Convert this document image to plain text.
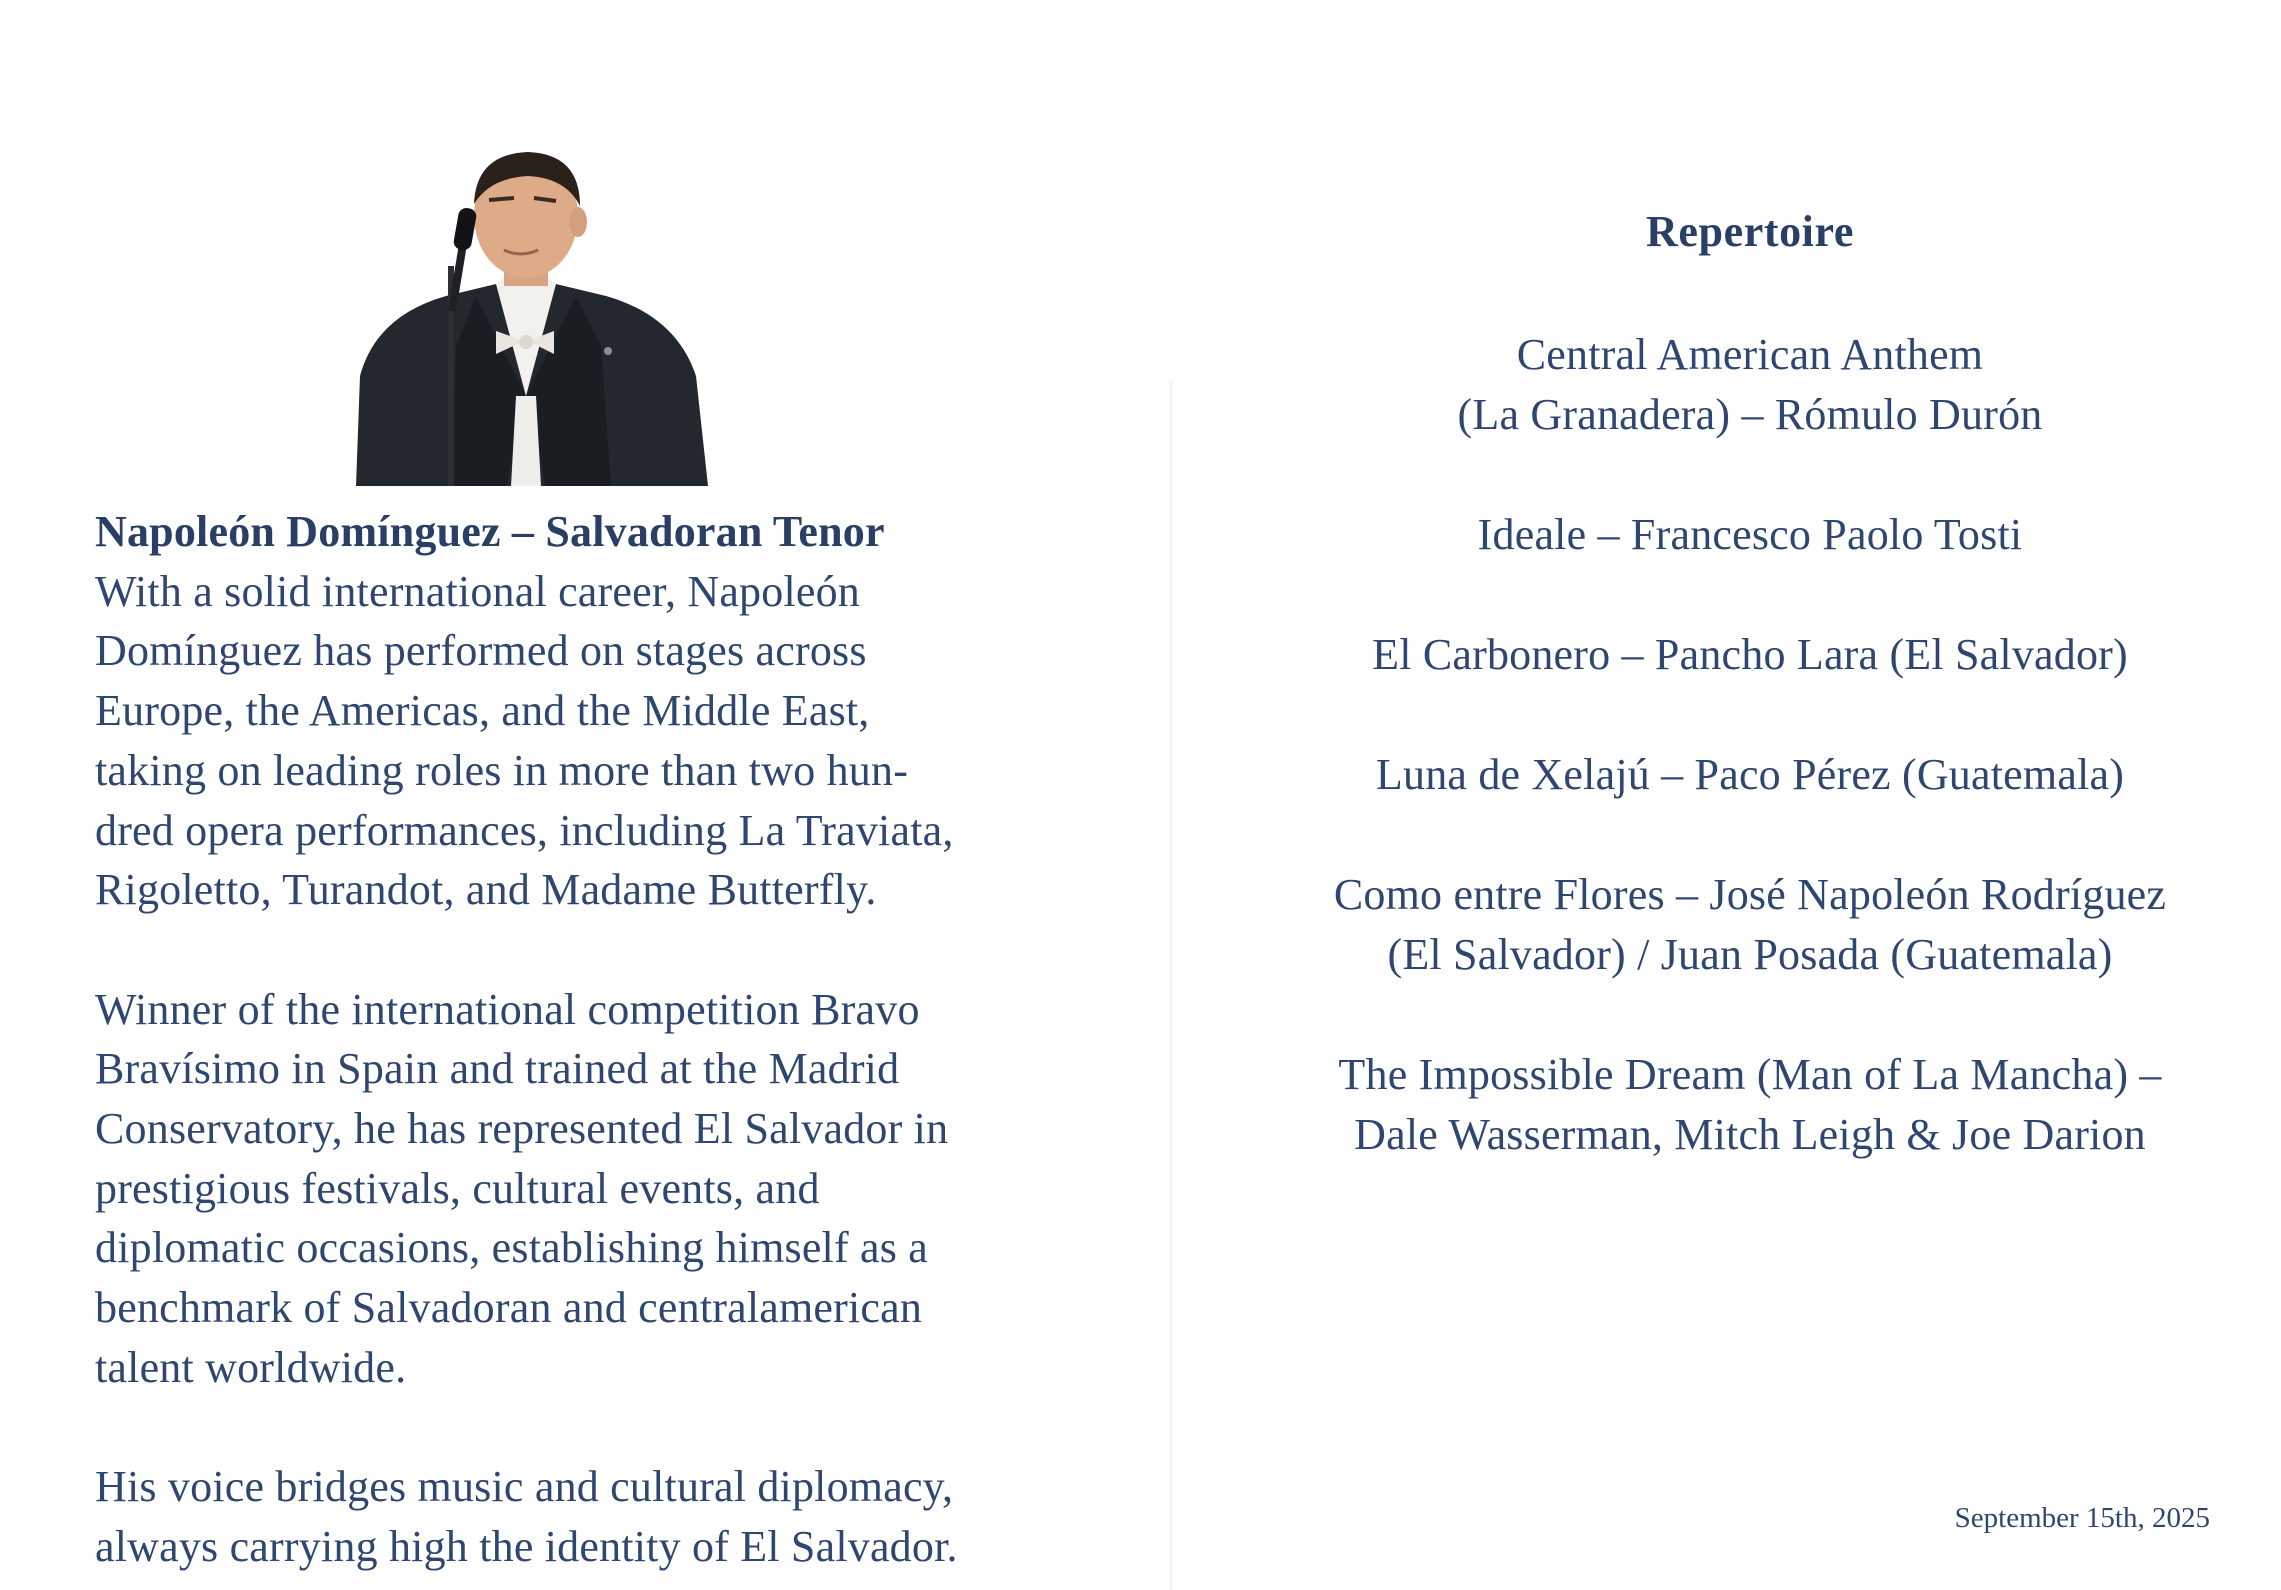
Napoleón Domínguez – Salvadoran Tenor
With a solid international career, Napoleón
Domínguez has performed on stages across
Europe, the Americas, and the Middle East,
taking on leading roles in more than two hun-
dred opera performances, including La Traviata,
Rigoletto, Turandot, and Madame Butterfly.
Winner of the international competition Bravo
Bravísimo in Spain and trained at the Madrid
Conservatory, he has represented El Salvador in
prestigious festivals, cultural events, and
diplomatic occasions, establishing himself as a
benchmark of Salvadoran and centralamerican
talent worldwide.
His voice bridges music and cultural diplomacy,
always carrying high the identity of El Salvador.
Repertoire
Central American Anthem
(La Granadera) – Rómulo Durón
Ideale – Francesco Paolo Tosti
El Carbonero – Pancho Lara (El Salvador)
Luna de Xelajú – Paco Pérez (Guatemala)
Como entre Flores – José Napoleón Rodríguez
(El Salvador) / Juan Posada (Guatemala)
The Impossible Dream (Man of La Mancha) –
Dale Wasserman, Mitch Leigh & Joe Darion
September 15th, 2025
